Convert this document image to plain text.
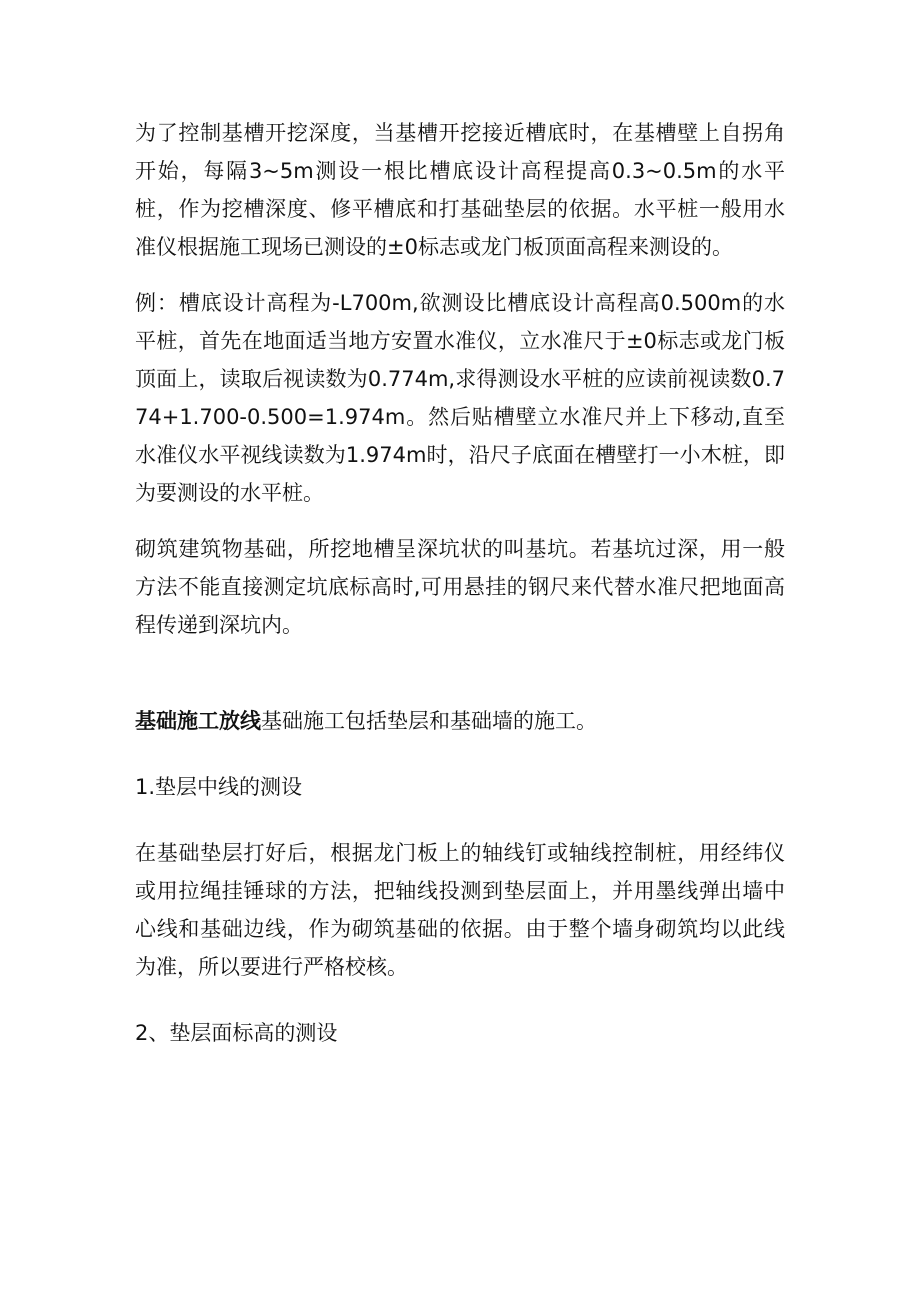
为了控制基槽开挖深度，当基槽开挖接近槽底时，在基槽壁上自拐角开始，每隔3~5m测设一根比槽底设计高程提高0.3~0.5m的水平桩，作为挖槽深度、修平槽底和打基础垫层的依据。水平桩一般用水准仪根据施工现场已测设的±0标志或龙门板顶面高程来测设的。

例：槽底设计高程为-L700m,欲测设比槽底设计高程高0.500m的水平桩，首先在地面适当地方安置水准仪，立水准尺于±0标志或龙门板顶面上，读取后视读数为0.774m,求得测设水平桩的应读前视读数0.774+1.700-0.500=1.974m。然后贴槽壁立水准尺并上下移动,直至水准仪水平视线读数为1.974m时，沿尺子底面在槽壁打一小木桩，即为要测设的水平桩。

砌筑建筑物基础，所挖地槽呈深坑状的叫基坑。若基坑过深，用一般方法不能直接测定坑底标高时,可用悬挂的钢尺来代替水准尺把地面高程传递到深坑内。

基础施工放线基础施工包括垫层和基础墙的施工。

1.垫层中线的测设

在基础垫层打好后，根据龙门板上的轴线钉或轴线控制桩，用经纬仪或用拉绳挂锤球的方法，把轴线投测到垫层面上，并用墨线弹出墙中心线和基础边线，作为砌筑基础的依据。由于整个墙身砌筑均以此线为准，所以要进行严格校核。

2、垫层面标高的测设
